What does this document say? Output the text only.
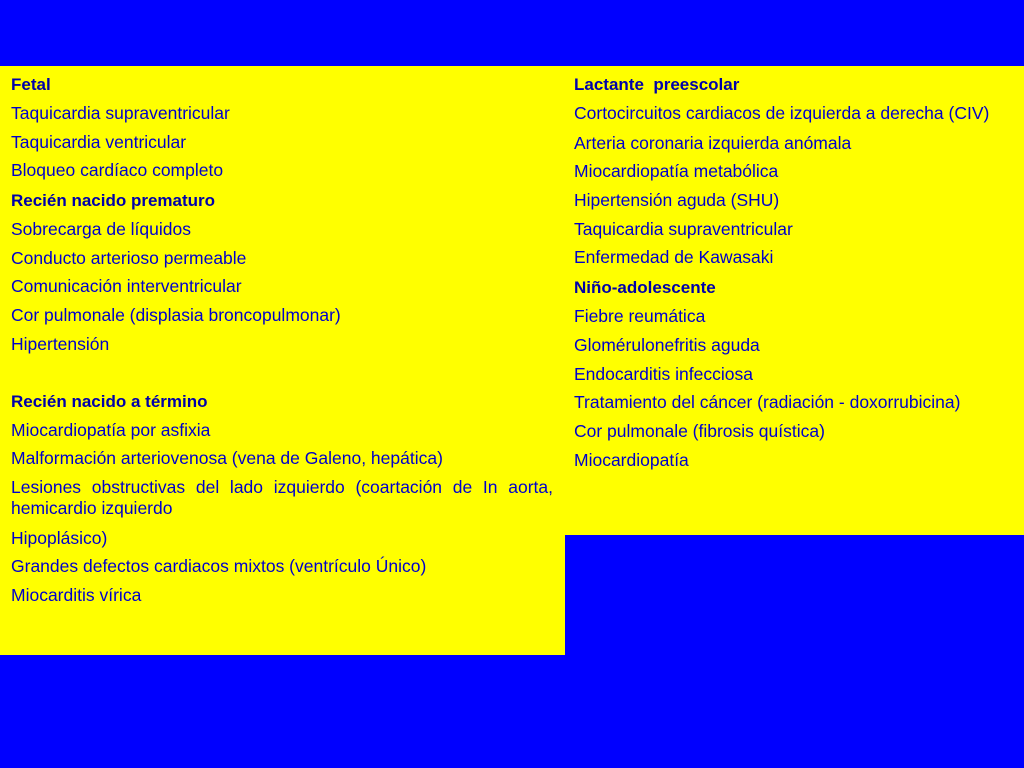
Fetal
Taquicardia supraventricular
Taquicardia ventricular
Bloqueo cardíaco completo
Recién nacido prematuro
Sobrecarga de líquidos
Conducto arterioso permeable
Comunicación interventricular
Cor pulmonale (displasia broncopulmonar)
Hipertensión
Recién nacido a término
Miocardiopatía por asfixia
Malformación arteriovenosa (vena de Galeno, hepática)
Lesiones obstructivas del lado izquierdo (coartación de In aorta, hemicardio izquierdo
Hipoplásico)
Grandes defectos cardiacos mixtos (ventrículo Único)
Miocarditis vírica
Lactante  preescolar
Cortocircuitos cardiacos de izquierda a derecha (CIV)
Arteria coronaria izquierda anómala
Miocardiopatía metabólica
Hipertensión aguda (SHU)
Taquicardia supraventricular
Enfermedad de Kawasaki
Niño-adolescente
Fiebre reumática
Glomérulonefritis aguda
Endocarditis infecciosa
Tratamiento del cáncer (radiación - doxorrubicina)
Cor pulmonale (fibrosis quística)
Miocardiopatía
